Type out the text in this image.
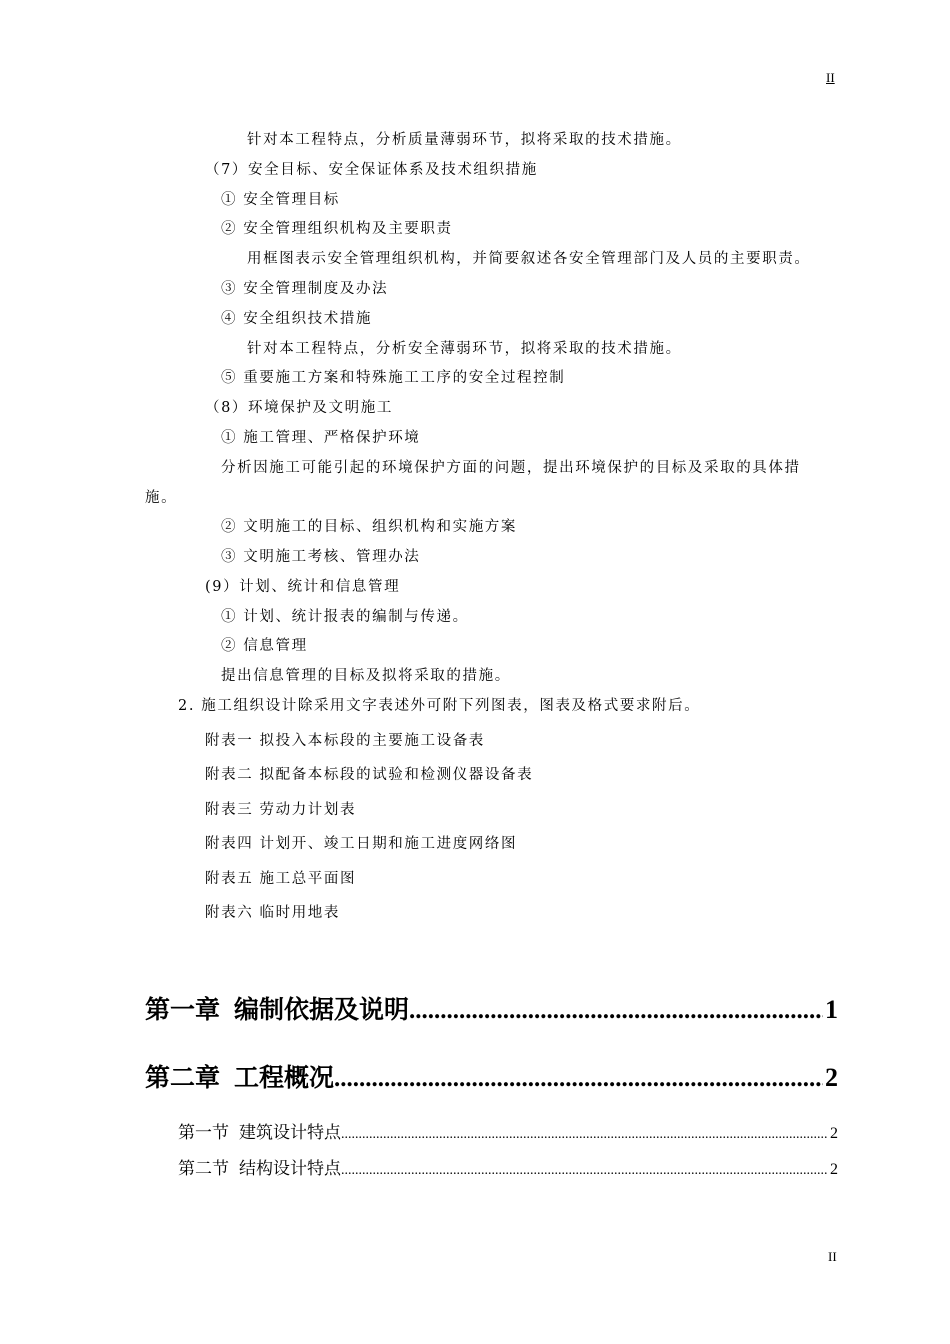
II
针对本工程特点，分析质量薄弱环节，拟将采取的技术措施。
（7）安全目标、安全保证体系及技术组织措施
① 安全管理目标
② 安全管理组织机构及主要职责
用框图表示安全管理组织机构，并简要叙述各安全管理部门及人员的主要职责。
③ 安全管理制度及办法
④ 安全组织技术措施
针对本工程特点，分析安全薄弱环节，拟将采取的技术措施。
⑤ 重要施工方案和特殊施工工序的安全过程控制
（8）环境保护及文明施工
① 施工管理、严格保护环境
分析因施工可能引起的环境保护方面的问题，提出环境保护的目标及采取的具体措
施。
② 文明施工的目标、组织机构和实施方案
③ 文明施工考核、管理办法
(9）计划、统计和信息管理
① 计划、统计报表的编制与传递。
② 信息管理
提出信息管理的目标及拟将采取的措施。
2. 施工组织设计除采用文字表述外可附下列图表，图表及格式要求附后。
附表一 拟投入本标段的主要施工设备表
附表二 拟配备本标段的试验和检测仪器设备表
附表三 劳动力计划表
附表四 计划开、竣工日期和施工进度网络图
附表五 施工总平面图
附表六 临时用地表
第一章 编制依据及说明 .....	1
第二章 工程概况 .....	2
第一节 建筑设计特点 .....	2
第二节 结构设计特点 .....	2
II
